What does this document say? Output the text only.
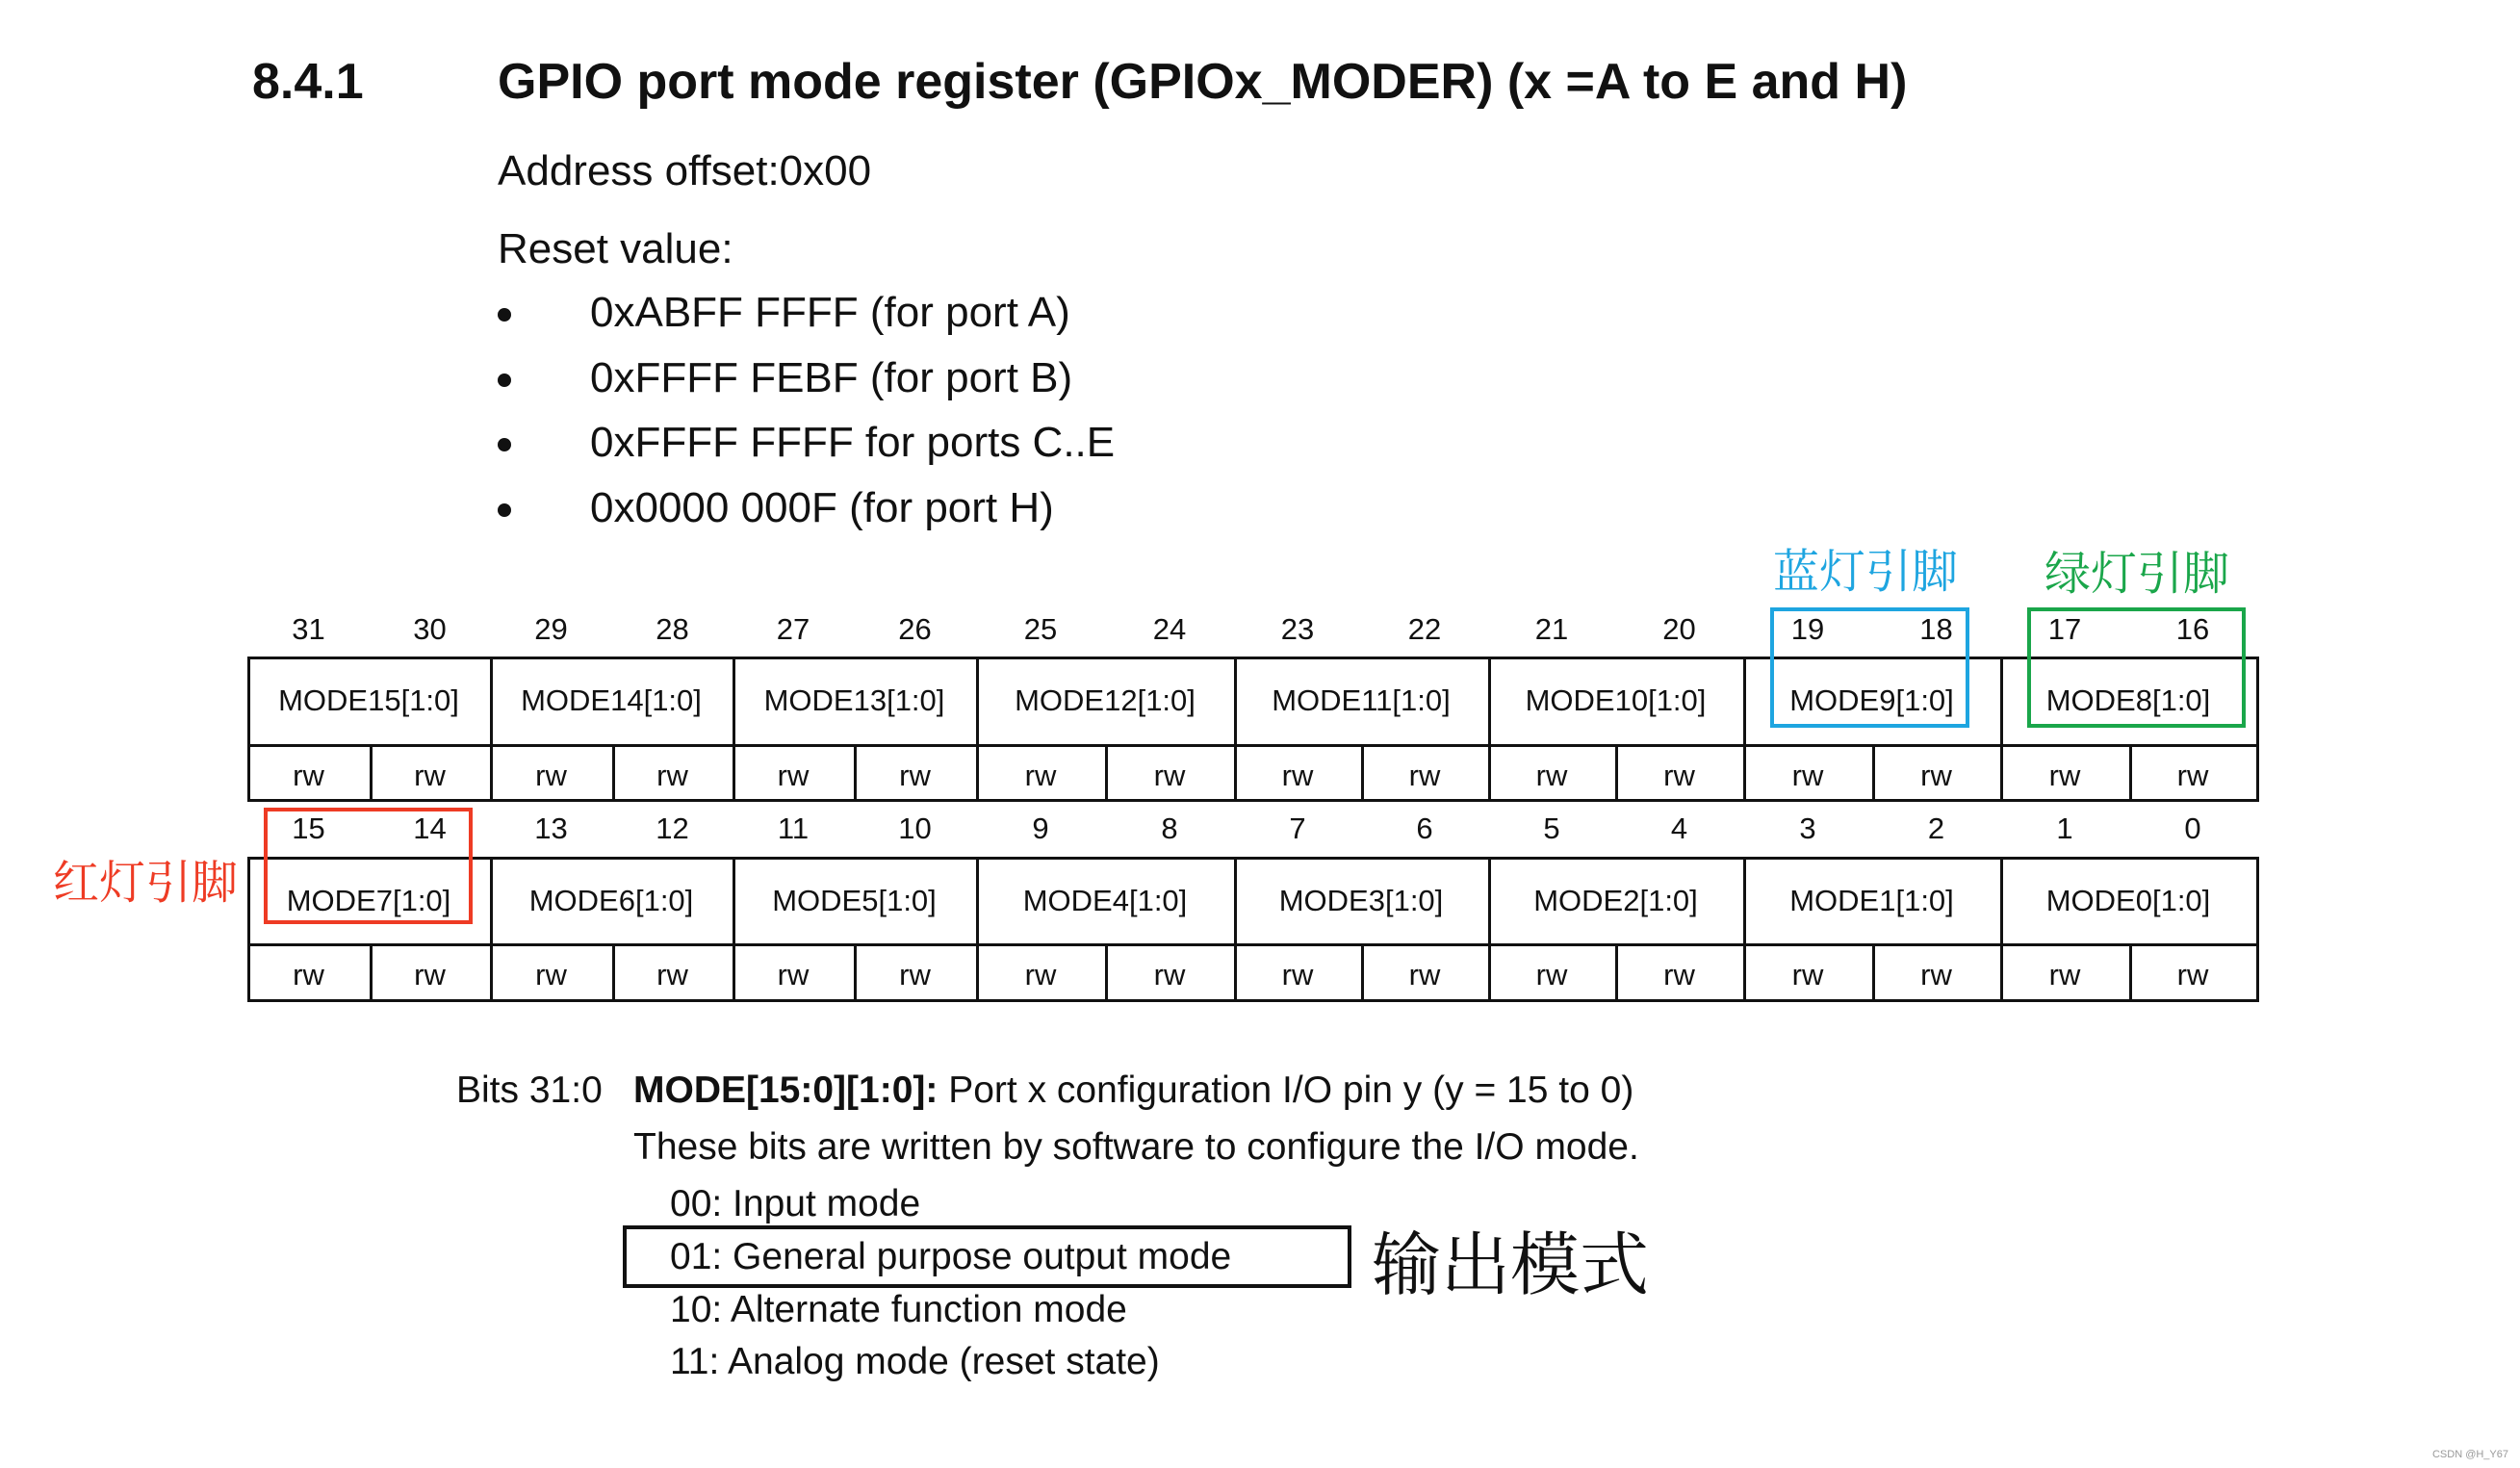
8.4.1	GPIO port mode register (GPIOx_MODER) (x =A to E and H)
Address offset:0x00
Reset value:
0xABFF FFFF (for port A)
0xFFFF FEBF (for port B)
0xFFFF FFFF for ports C..E
0x0000 000F (for port H)
31	30	29	28	27	26	25	24	23	22	21	20	19	18	17	16
MODE15[1:0]	MODE14[1:0]	MODE13[1:0]	MODE12[1:0]	MODE11[1:0]	MODE10[1:0]	MODE9[1:0]	MODE8[1:0]
rw	rw	rw	rw	rw	rw	rw	rw	rw	rw	rw	rw	rw	rw	rw	rw
15	14	13	12	11	10	9	8	7	6	5	4	3	2	1	0
MODE7[1:0]	MODE6[1:0]	MODE5[1:0]	MODE4[1:0]	MODE3[1:0]	MODE2[1:0]	MODE1[1:0]	MODE0[1:0]
rw	rw	rw	rw	rw	rw	rw	rw	rw	rw	rw	rw	rw	rw	rw	rw
蓝灯引脚 绿灯引脚
红灯引脚
Bits 31:0 MODE[15:0][1:0]: Port x configuration I/O pin y (y = 15 to 0)
These bits are written by software to configure the I/O mode.
00: Input mode
01: General purpose output mode
10: Alternate function mode
11: Analog mode (reset state)
输出模式
CSDN @H_Y67
